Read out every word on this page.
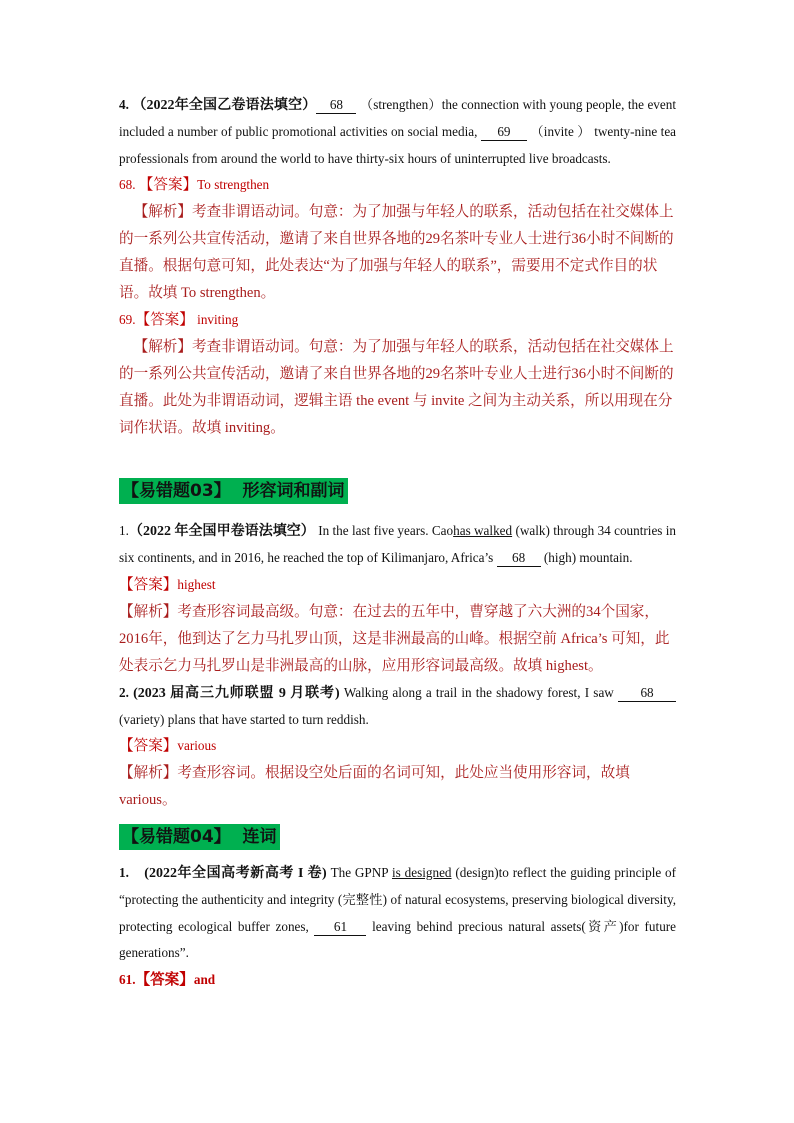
4. （2022年全国乙卷语法填空） 68 （strengthen）the connection with young people, the event included a number of public promotional activities on social media, 69 （invite ） twenty-nine tea professionals from around the world to have thirty-six hours of uninterrupted live broadcasts.
68. 【答案】To strengthen
【解析】考查非谓语动词。句意：为了加强与年轻人的联系，活动包括在社交媒体上的一系列公共宣传活动，邀请了来自世界各地的29名茶叶专业人士进行36小时不间断的直播。根据句意可知，此处表达“为了加强与年轻人的联系”，需要用不定式作目的状语。故填 To strengthen。
69.【答案】 inviting
【解析】考查非谓语动词。句意：为了加强与年轻人的联系，活动包括在社交媒体上的一系列公共宣传活动，邀请了来自世界各地的29名茶叶专业人士进行36小时不间断的直播。此处为非谓语动词，逻辑主语 the event 与 invite 之间为主动关系，所以用现在分词作状语。故填 inviting。
【易错题03】 形容词和副词
1.（2022 年全国甲卷语法填空） In the last five years. Caohas walked (walk) through 34 countries in six continents, and in 2016, he reached the top of Kilimanjaro, Africa’s 68 (high) mountain.
【答案】highest
【解析】考查形容词最高级。句意：在过去的五年中，曹穿越了六大洲的34个国家，2016年，他到达了乞力马扎罗山顶，这是非洲最高的山峰。根据空前 Africa’s 可知，此处表示乞力马扎罗山是非洲最高的山脉，应用形容词最高级。故填 highest。
2. (2023 届高三九师联盟 9 月联考) Walking along a trail in the shadowy forest, I saw 68(variety) plans that have started to turn reddish.
【答案】various
【解析】考查形容词。根据设空处后面的名词可知，此处应当使用形容词，故填 various。
【易错题04】 连词
1. (2022年全国高考新高考 I 卷) The GPNP is designed (design)to reflect the guiding principle of “protecting the authenticity and integrity (完整性) of natural ecosystems, preserving biological diversity, protecting ecological buffer zones, 61 leaving behind precious natural assets(资产)for future generations”.
61.【答案】and
